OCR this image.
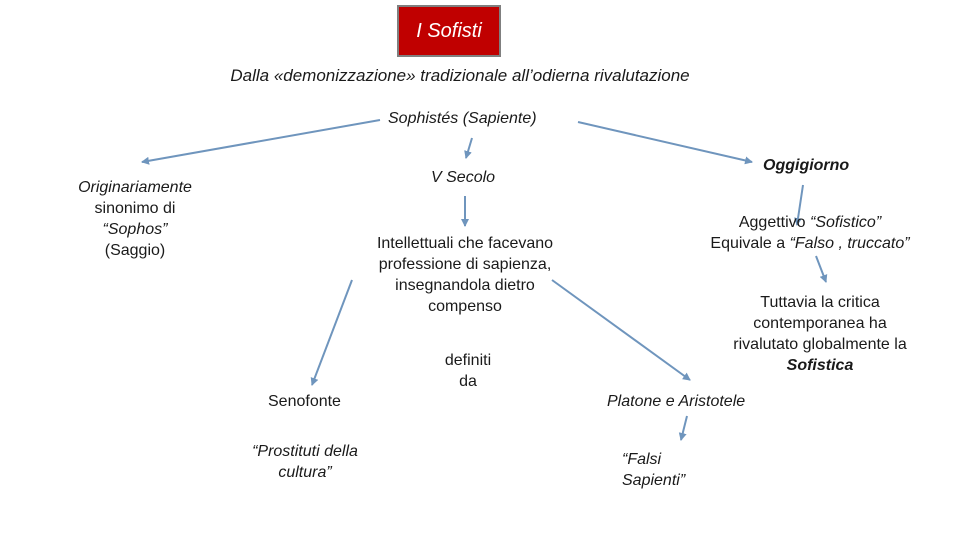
I Sofisti
Dalla «demonizzazione» tradizionale all’odierna rivalutazione
Sophistés (Sapiente)
Originariamente
sinonimo di
“Sophos”
(Saggio)
V Secolo
Intellettuali che facevano
professione di sapienza,
insegnandola dietro
compenso
definiti
da
Senofonte
“Prostituti della
cultura”
Platone e Aristotele
“Falsi
Sapienti”
Oggigiorno
Aggettivo “Sofistico”
Equivale a “Falso , truccato”
Tuttavia la critica
contemporanea ha
rivalutato globalmente la
Sofistica
